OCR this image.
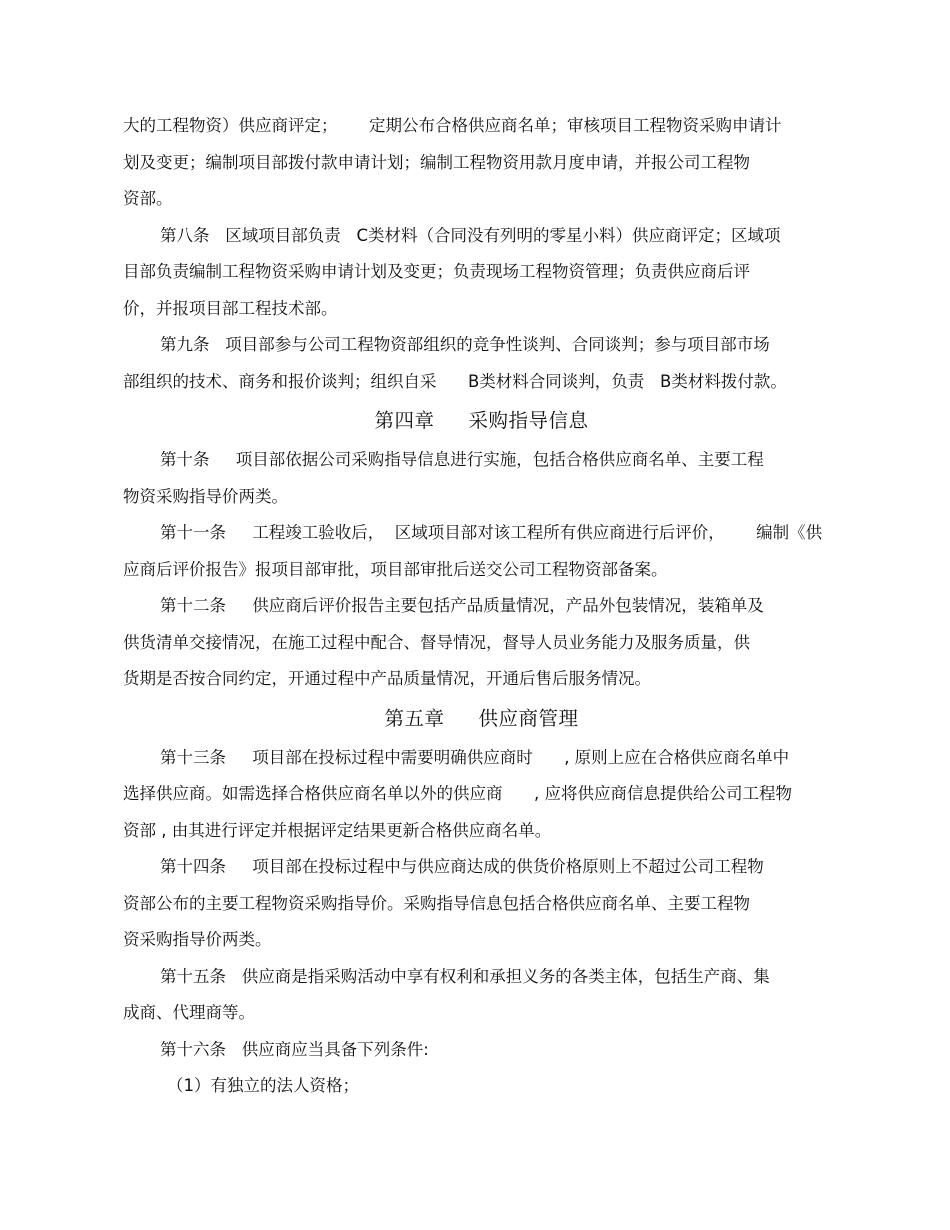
大的工程物资）供应商评定；      定期公布合格供应商名单；审核项目工程物资采购申请计
划及变更；编制项目部拨付款申请计划；编制工程物资用款月度申请，并报公司工程物
资部。
第八条   区域项目部负责   C类材料（合同没有列明的零星小料）供应商评定；区域项
目部负责编制工程物资采购申请计划及变更；负责现场工程物资管理；负责供应商后评
价，并报项目部工程技术部。
第九条   项目部参与公司工程物资部组织的竞争性谈判、合同谈判；参与项目部市场
部组织的技术、商务和报价谈判；组织自采      B类材料合同谈判，负责   B类材料拨付款。
第四章 采购指导信息
第十条     项目部依据公司采购指导信息进行实施，包括合格供应商名单、主要工程
物资采购指导价两类。
第十一条     工程竣工验收后，  区域项目部对该工程所有供应商进行后评价，      编制《供
应商后评价报告》报项目部审批，项目部审批后送交公司工程物资部备案。
第十二条     供应商后评价报告主要包括产品质量情况，产品外包装情况，装箱单及
供货清单交接情况，在施工过程中配合、督导情况，督导人员业务能力及服务质量，供
货期是否按合同约定，开通过程中产品质量情况，开通后售后服务情况。
第五章 供应商管理
第十三条     项目部在投标过程中需要明确供应商时      , 原则上应在合格供应商名单中
选择供应商。如需选择合格供应商名单以外的供应商      , 应将供应商信息提供给公司工程物
资部 , 由其进行评定并根据评定结果更新合格供应商名单。
第十四条     项目部在投标过程中与供应商达成的供货价格原则上不超过公司工程物
资部公布的主要工程物资采购指导价。采购指导信息包括合格供应商名单、主要工程物
资采购指导价两类。
第十五条   供应商是指采购活动中享有权利和承担义务的各类主体，包括生产商、集
成商、代理商等。
第十六条   供应商应当具备下列条件:
（1）有独立的法人资格；
